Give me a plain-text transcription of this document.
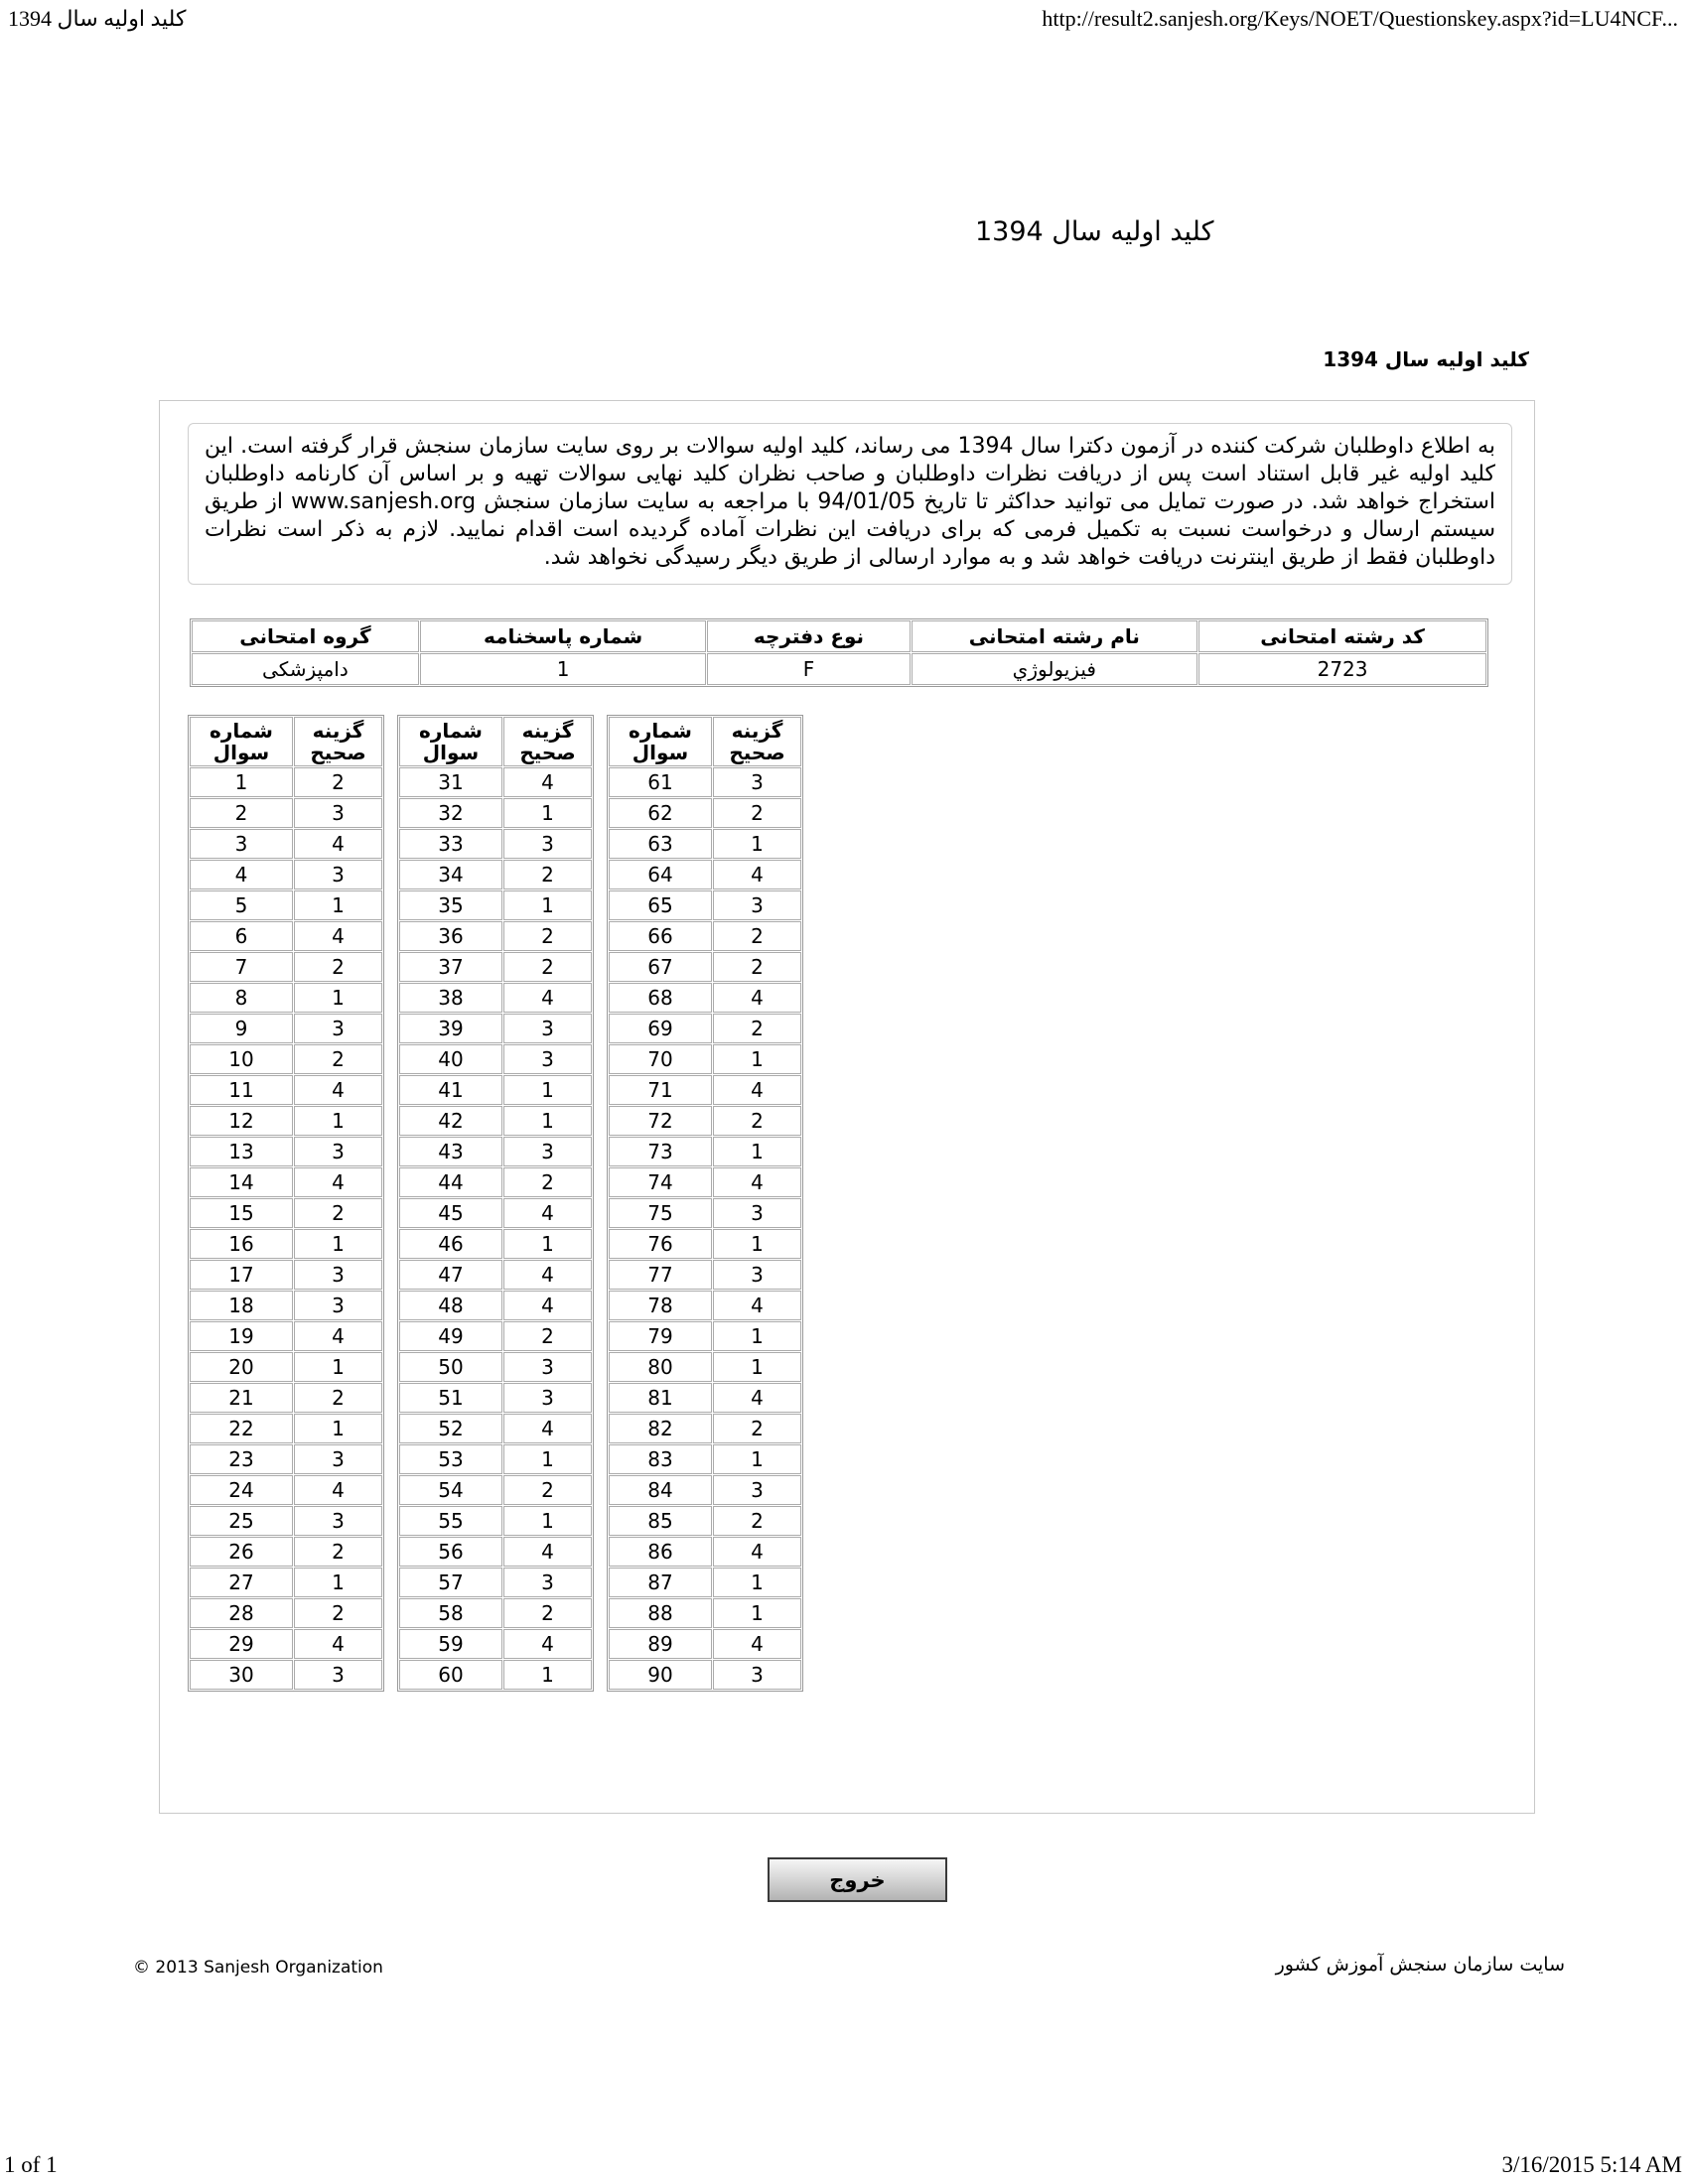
کلید اولیه سال 1394	http://result2.sanjesh.org/Keys/NOET/Questionskey.aspx?id=LU4NCF...
کلید اولیه سال 1394
کلید اولیه سال 1394
به اطلاع داوطلبان شرکت کننده در آزمون دکترا سال 1394 می رساند، کلید اولیه سوالات بر روی سایت سازمان سنجش قرار گرفته است. این کلید اولیه غیر قابل استناد است پس از دریافت نظرات داوطلبان و صاحب نظران کلید نهایی سوالات تهیه و بر اساس آن کارنامه داوطلبان استخراج خواهد شد. در صورت تمایل می توانید حداکثر تا تاریخ 94/01/05 با مراجعه به سایت سازمان سنجش www.sanjesh.org از طریق سیستم ارسال و درخواست نسبت به تکمیل فرمی که برای دریافت این نظرات آماده گردیده است اقدام نمایید. لازم به ذکر است نظرات داوطلبان فقط از طریق اینترنت دریافت خواهد شد و به موارد ارسالی از طریق دیگر رسیدگی نخواهد شد.
کد رشته امتحانی	نام رشته امتحانی	نوع دفترچه	شماره پاسخنامه	گروه امتحانی
2723	فیزیولوژي	F	1	دامپزشکی
شماره سوال	گزینه صحیح
1	2
2	3
3	4
4	3
5	1
6	4
7	2
8	1
9	3
10	2
11	4
12	1
13	3
14	4
15	2
16	1
17	3
18	3
19	4
20	1
21	2
22	1
23	3
24	4
25	3
26	2
27	1
28	2
29	4
30	3
شماره سوال	گزینه صحیح
31	4
32	1
33	3
34	2
35	1
36	2
37	2
38	4
39	3
40	3
41	1
42	1
43	3
44	2
45	4
46	1
47	4
48	4
49	2
50	3
51	3
52	4
53	1
54	2
55	1
56	4
57	3
58	2
59	4
60	1
شماره سوال	گزینه صحیح
61	3
62	2
63	1
64	4
65	3
66	2
67	2
68	4
69	2
70	1
71	4
72	2
73	1
74	4
75	3
76	1
77	3
78	4
79	1
80	1
81	4
82	2
83	1
84	3
85	2
86	4
87	1
88	1
89	4
90	3
خروج
© 2013 Sanjesh Organization	سایت سازمان سنجش آموزش کشور
1 of 1	3/16/2015 5:14 AM
